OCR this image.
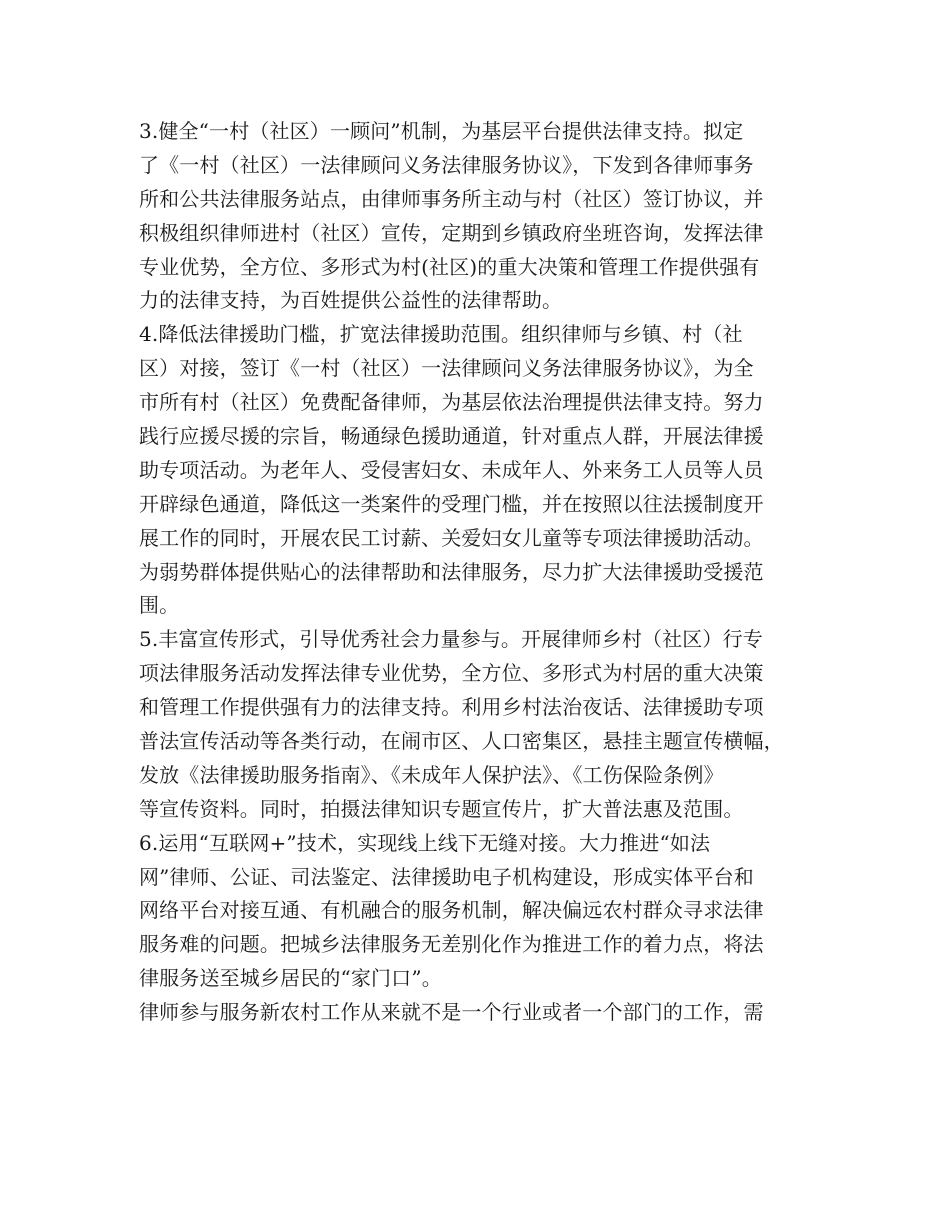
3.健全“一村（社区）一顾问”机制，为基层平台提供法律支持。拟定
了《一村（社区）一法律顾问义务法律服务协议》，下发到各律师事务
所和公共法律服务站点，由律师事务所主动与村（社区）签订协议，并
积极组织律师进村（社区）宣传，定期到乡镇政府坐班咨询，发挥法律
专业优势，全方位、多形式为村(社区)的重大决策和管理工作提供强有
力的法律支持，为百姓提供公益性的法律帮助。
4.降低法律援助门槛，扩宽法律援助范围。组织律师与乡镇、村（社
区）对接，签订《一村（社区）一法律顾问义务法律服务协议》，为全
市所有村（社区）免费配备律师，为基层依法治理提供法律支持。努力
践行应援尽援的宗旨，畅通绿色援助通道，针对重点人群，开展法律援
助专项活动。为老年人、受侵害妇女、未成年人、外来务工人员等人员
开辟绿色通道，降低这一类案件的受理门槛，并在按照以往法援制度开
展工作的同时，开展农民工讨薪、关爱妇女儿童等专项法律援助活动。
为弱势群体提供贴心的法律帮助和法律服务，尽力扩大法律援助受援范
围。
5.丰富宣传形式，引导优秀社会力量参与。开展律师乡村（社区）行专
项法律服务活动发挥法律专业优势，全方位、多形式为村居的重大决策
和管理工作提供强有力的法律支持。利用乡村法治夜话、法律援助专项
普法宣传活动等各类行动，在闹市区、人口密集区，悬挂主题宣传横幅，
发放《法律援助服务指南》、《未成年人保护法》、《工伤保险条例》
等宣传资料。同时，拍摄法律知识专题宣传片，扩大普法惠及范围。
6.运用“互联网+”技术，实现线上线下无缝对接。大力推进“如法
网”律师、公证、司法鉴定、法律援助电子机构建设，形成实体平台和
网络平台对接互通、有机融合的服务机制，解决偏远农村群众寻求法律
服务难的问题。把城乡法律服务无差别化作为推进工作的着力点，将法
律服务送至城乡居民的“家门口”。
律师参与服务新农村工作从来就不是一个行业或者一个部门的工作，需
